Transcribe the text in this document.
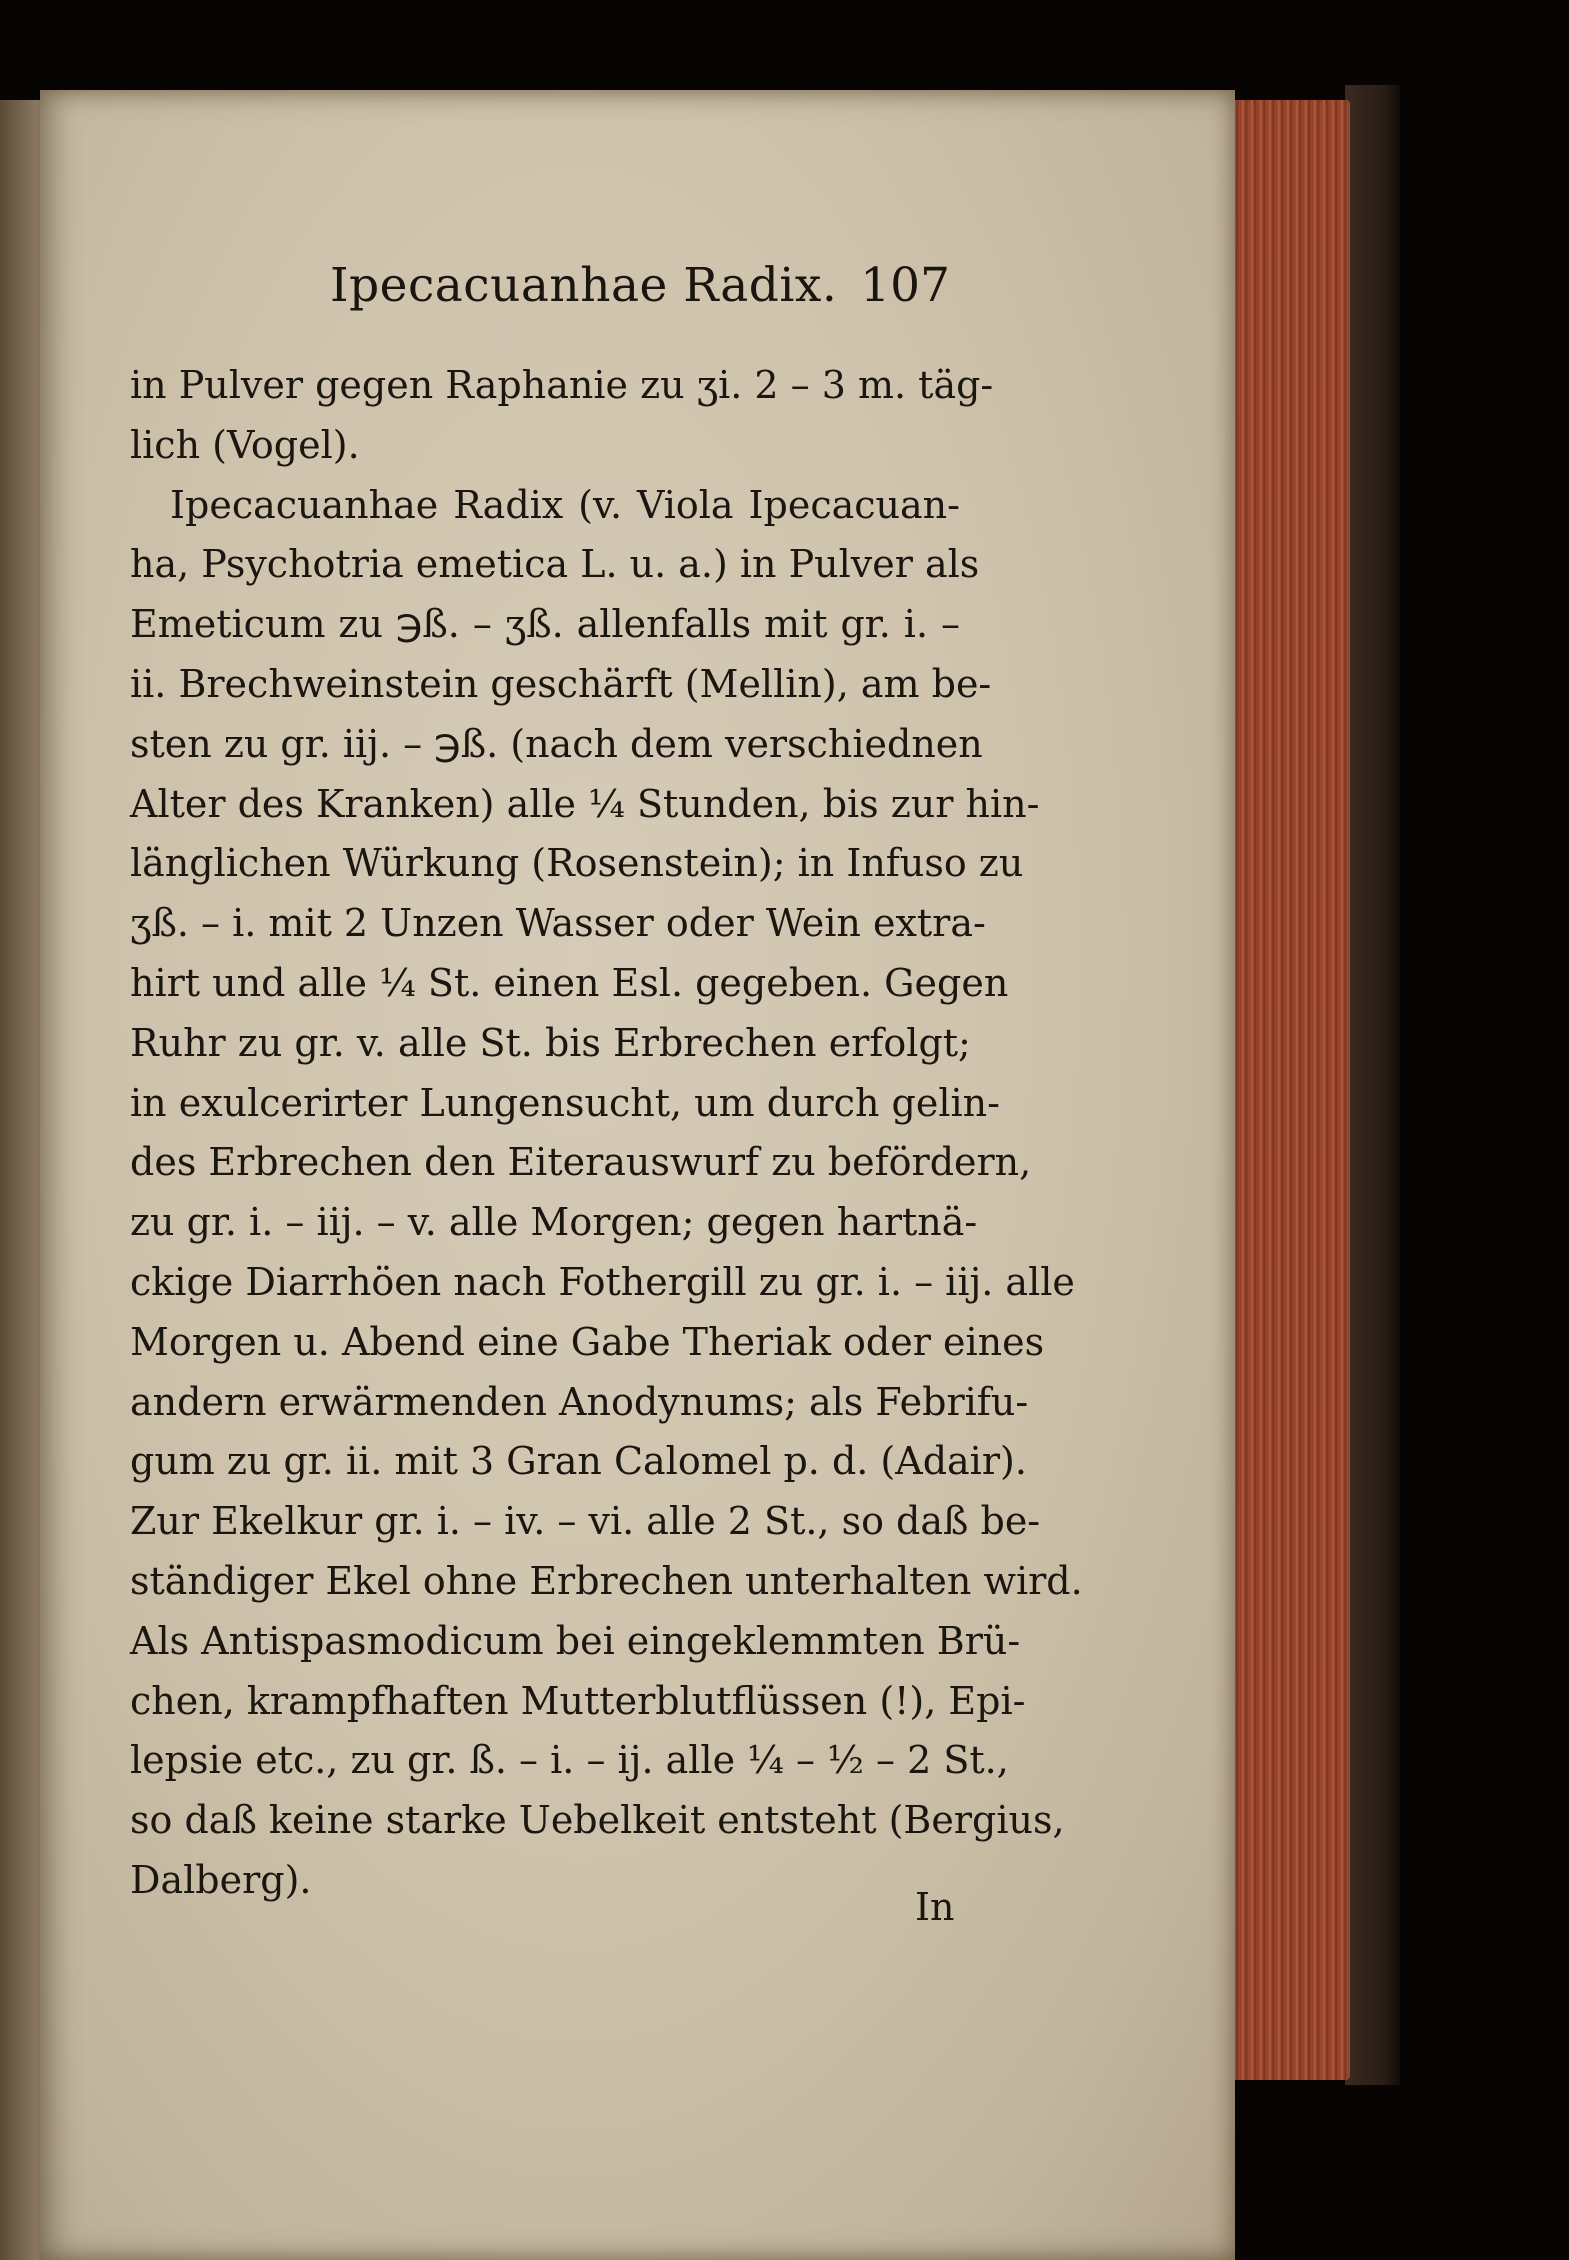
Ipecacuanhae Radix. 107
in Pulver gegen Raphanie zu ʒi. 2 – 3 m. täg-
lich (Vogel).
Ipecacuanhae Radix (v. Viola Ipecacuan-
ha, Psychotria emetica L. u. a.) in Pulver als
Emeticum zu ℈ß. – ʒß. allenfalls mit gr. i. –
ii. Brechweinstein geschärft (Mellin), am be-
sten zu gr. iij. – ℈ß. (nach dem verschiednen
Alter des Kranken) alle ¼ Stunden, bis zur hin-
länglichen Würkung (Rosenstein); in Infuso zu
ʒß. – i. mit 2 Unzen Wasser oder Wein extra-
hirt und alle ¼ St. einen Esl. gegeben. Gegen
Ruhr zu gr. v. alle St. bis Erbrechen erfolgt;
in exulcerirter Lungensucht, um durch gelin-
des Erbrechen den Eiterauswurf zu befördern,
zu gr. i. – iij. – v. alle Morgen; gegen hartnä-
ckige Diarrhöen nach Fothergill zu gr. i. – iij. alle
Morgen u. Abend eine Gabe Theriak oder eines
andern erwärmenden Anodynums; als Febrifu-
gum zu gr. ii. mit 3 Gran Calomel p. d. (Adair).
Zur Ekelkur gr. i. – iv. – vi. alle 2 St., so daß be-
ständiger Ekel ohne Erbrechen unterhalten wird.
Als Antispasmodicum bei eingeklemmten Brü-
chen, krampfhaften Mutterblutflüssen (!), Epi-
lepsie etc., zu gr. ß. – i. – ij. alle ¼ – ½ – 2 St.,
so daß keine starke Uebelkeit entsteht (Bergius,
Dalberg).
In
